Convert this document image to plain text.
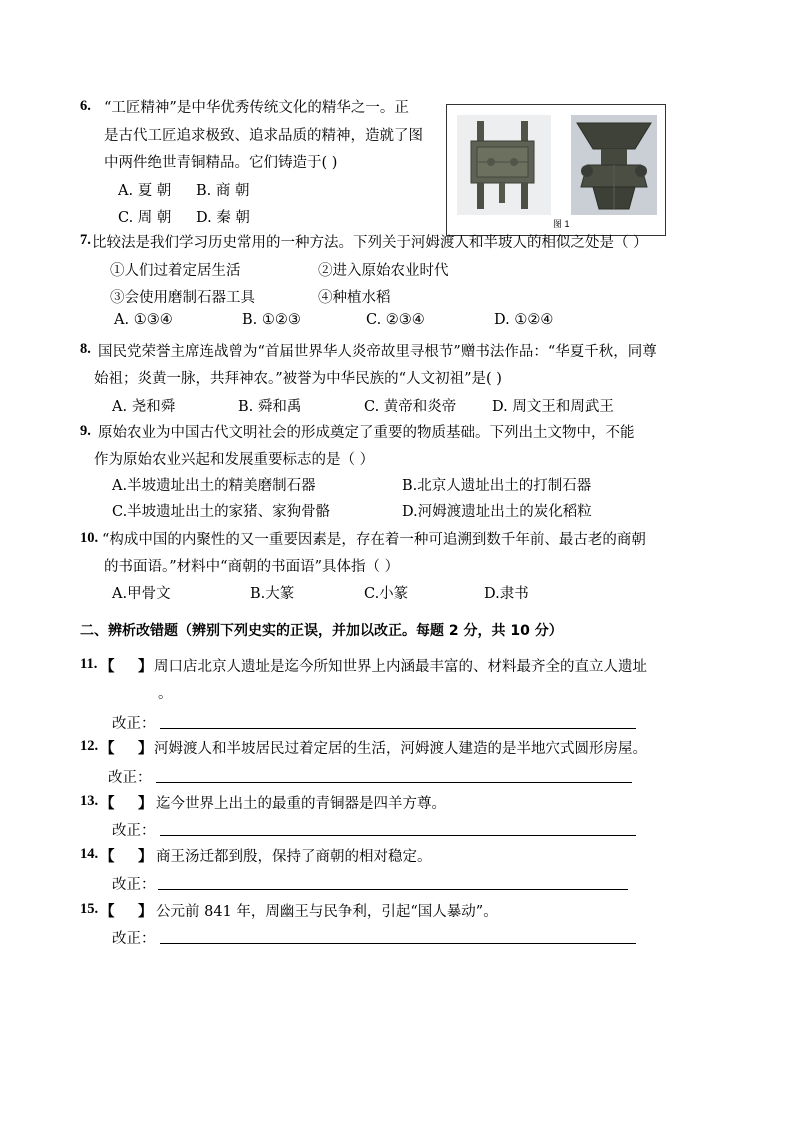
6. “工匠精神”是中华优秀传统文化的精华之一。正
是古代工匠追求极致、追求品质的精神，造就了图
中两件绝世青铜精品。它们铸造于( )
A. 夏 朝 B. 商 朝
C. 周 朝 D. 秦 朝	图 1
7. 比较法是我们学习历史常用的一种方法。下列关于河姆渡人和半坡人的相似之处是（ ）
①人们过着定居生活	②进入原始农业时代
③会使用磨制石器工具	④种植水稻
A. ①③④	B. ①②③	C. ②③④	D. ①②④
8. 国民党荣誉主席连战曾为“首届世界华人炎帝故里寻根节”赠书法作品：“华夏千秋，同尊
始祖；炎黄一脉，共拜神农。”被誉为中华民族的“人文初祖”是( )
A. 尧和舜	B. 舜和禹	C. 黄帝和炎帝 D. 周文王和周武王
9. 原始农业为中国古代文明社会的形成奠定了重要的物质基础。下列出土文物中，不能
作为原始农业兴起和发展重要标志的是（ ）
A.半坡遗址出土的精美磨制石器	B.北京人遗址出土的打制石器
C.半坡遗址出土的家猪、家狗骨骼	D.河姆渡遗址出土的炭化稻粒
10. “构成中国的内聚性的又一重要因素是，存在着一种可追溯到数千年前、最古老的商朝
的书面语。”材料中“商朝的书面语”具体指（ ）
A.甲骨文	B.大篆	C.小篆	D.隶书
二、辨析改错题（辨别下列史实的正误，并加以改正。每题 2 分，共 10 分）
11. 【 】 周口店北京人遗址是迄今所知世界上内涵最丰富的、材料最齐全的直立人遗址
。
改正：
12. 【 】 河姆渡人和半坡居民过着定居的生活，河姆渡人建造的是半地穴式圆形房屋。
改正：
13. 【 】 迄今世界上出土的最重的青铜器是四羊方尊。
改正：
14. 【 】 商王汤迁都到殷，保持了商朝的相对稳定。
改正：
15. 【 】 公元前 841 年，周幽王与民争利，引起“国人暴动”。
改正：
